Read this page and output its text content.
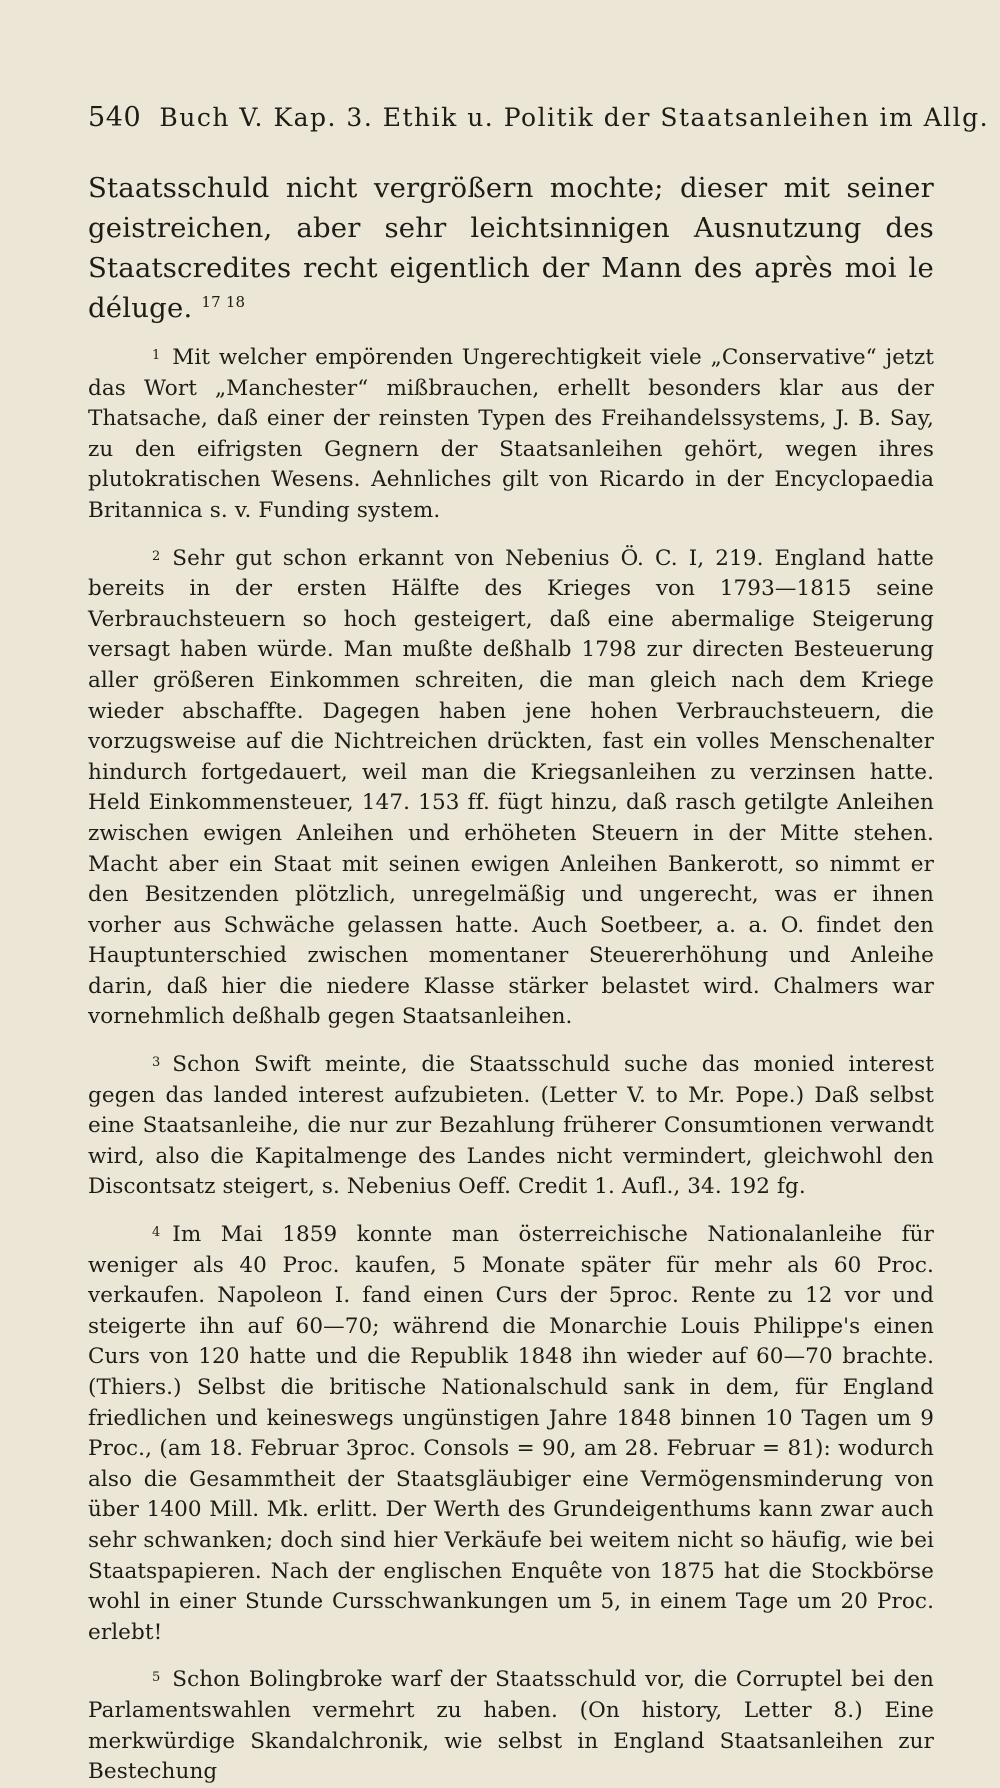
540 Buch V. Kap. 3. Ethik u. Politik der Staatsanleihen im Allg.
Staatsschuld nicht vergrößern mochte; dieser mit seiner geistreichen, aber sehr leichtsinnigen Ausnutzung des Staatscredites recht eigentlich der Mann des après moi le déluge. $^{17 18}$

1 Mit welcher empörenden Ungerechtigkeit viele „Conservative“ jetzt das Wort „Manchester“ mißbrauchen, erhellt besonders klar aus der Thatsache, daß einer der reinsten Typen des Freihandelssystems, J. B. Say, zu den eifrigsten Gegnern der Staatsanleihen gehört, wegen ihres plutokratischen Wesens. Aehnliches gilt von Ricardo in der Encyclopaedia Britannica s. v. Funding system.

2 Sehr gut schon erkannt von Nebenius Ö. C. I, 219. England hatte bereits in der ersten Hälfte des Krieges von 1793—1815 seine Verbrauchsteuern so hoch gesteigert, daß eine abermalige Steigerung versagt haben würde. Man mußte deßhalb 1798 zur directen Besteuerung aller größeren Einkommen schreiten, die man gleich nach dem Kriege wieder abschaffte. Dagegen haben jene hohen Verbrauchsteuern, die vorzugsweise auf die Nichtreichen drückten, fast ein volles Menschenalter hindurch fortgedauert, weil man die Kriegsanleihen zu verzinsen hatte. Held Einkommensteuer, 147. 153 ff. fügt hinzu, daß rasch getilgte Anleihen zwischen ewigen Anleihen und erhöheten Steuern in der Mitte stehen. Macht aber ein Staat mit seinen ewigen Anleihen Bankerott, so nimmt er den Besitzenden plötzlich, unregelmäßig und ungerecht, was er ihnen vorher aus Schwäche gelassen hatte. Auch Soetbeer, a. a. O. findet den Hauptunterschied zwischen momentaner Steuererhöhung und Anleihe darin, daß hier die niedere Klasse stärker belastet wird. Chalmers war vornehmlich deßhalb gegen Staatsanleihen.

3 Schon Swift meinte, die Staatsschuld suche das monied interest gegen das landed interest aufzubieten. (Letter V. to Mr. Pope.) Daß selbst eine Staatsanleihe, die nur zur Bezahlung früherer Consumtionen verwandt wird, also die Kapitalmenge des Landes nicht vermindert, gleichwohl den Discontsatz steigert, s. Nebenius Oeff. Credit 1. Aufl., 34. 192 fg.

4 Im Mai 1859 konnte man österreichische Nationalanleihe für weniger als 40 Proc. kaufen, 5 Monate später für mehr als 60 Proc. verkaufen. Napoleon I. fand einen Curs der 5proc. Rente zu 12 vor und steigerte ihn auf 60—70; während die Monarchie Louis Philippe's einen Curs von 120 hatte und die Republik 1848 ihn wieder auf 60—70 brachte. (Thiers.) Selbst die britische Nationalschuld sank in dem, für England friedlichen und keineswegs ungünstigen Jahre 1848 binnen 10 Tagen um 9 Proc., (am 18. Februar 3proc. Consols = 90, am 28. Februar = 81): wodurch also die Gesammtheit der Staatsgläubiger eine Vermögensminderung von über 1400 Mill. Mk. erlitt. Der Werth des Grundeigenthums kann zwar auch sehr schwanken; doch sind hier Verkäufe bei weitem nicht so häufig, wie bei Staatspapieren. Nach der englischen Enquête von 1875 hat die Stockbörse wohl in einer Stunde Cursschwankungen um 5, in einem Tage um 20 Proc. erlebt!

5 Schon Bolingbroke warf der Staatsschuld vor, die Corruptel bei den Parlamentswahlen vermehrt zu haben. (On history, Letter 8.) Eine merkwürdige Skandalchronik, wie selbst in England Staatsanleihen zur Bestechung
